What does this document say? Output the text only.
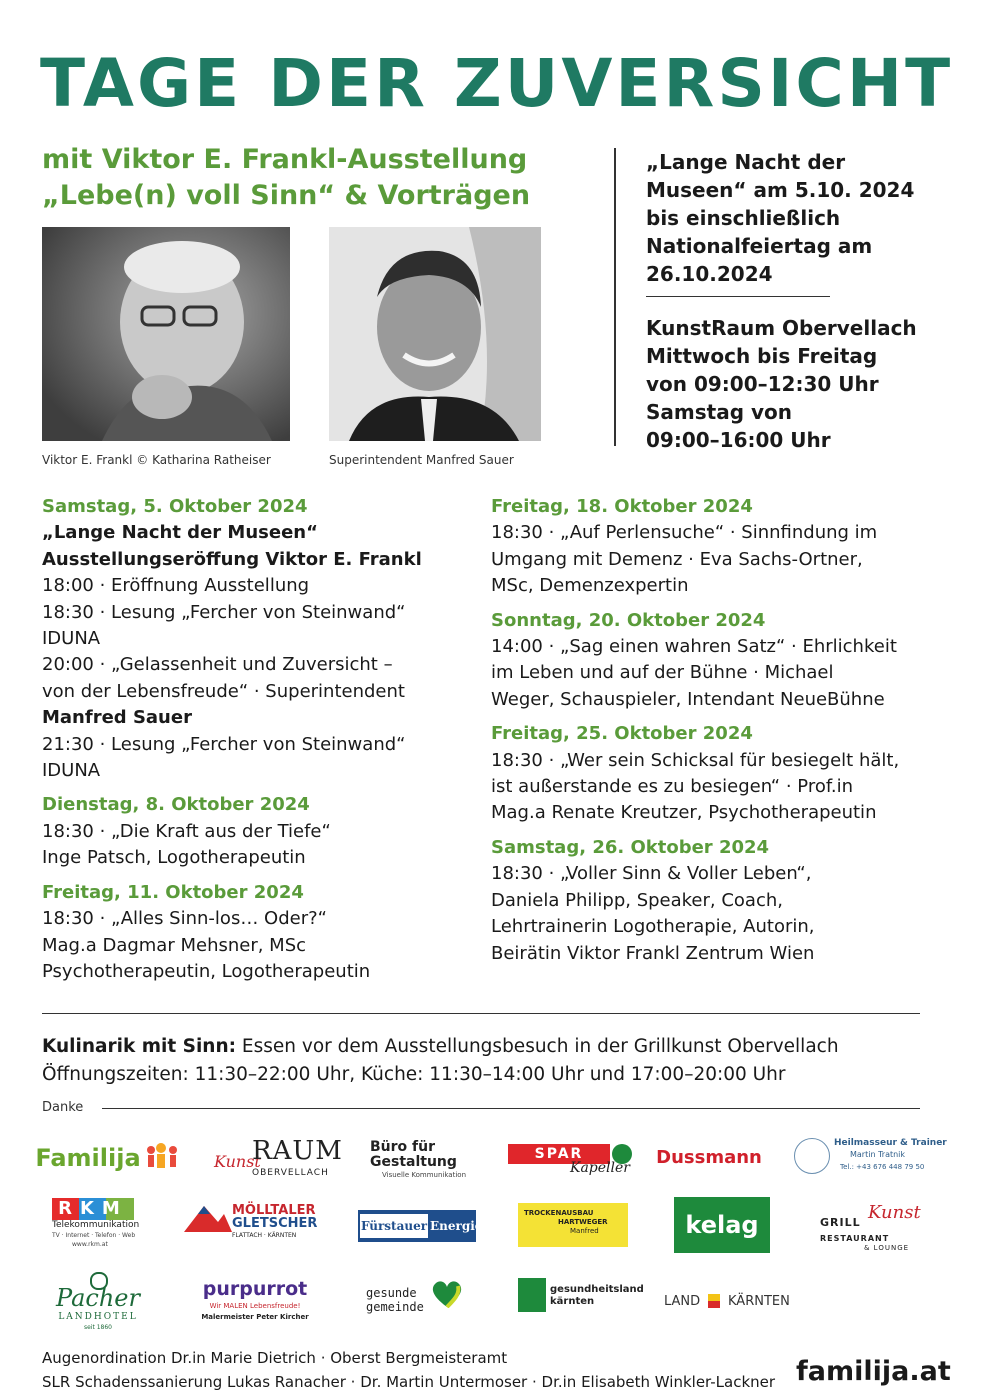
TAGE DER ZUVERSICHT
mit Viktor E. Frankl-Ausstellung
„Lebe(n) voll Sinn“ & Vorträgen
„Lange Nacht der
Museen“ am 5.10. 2024
bis einschließlich
Nationalfeiertag am
26.10.2024
KunstRaum Obervellach
Mittwoch bis Freitag
von 09:00–12:30 Uhr
Samstag von
09:00–16:00 Uhr
Viktor E. Frankl © Katharina Ratheiser	Superintendent Manfred Sauer

Samstag, 5. Oktober 2024

„Lange Nacht der Museen“

Ausstellungseröffung Viktor E. Frankl

18:00 · Eröffnung Ausstellung

18:30 · Lesung „Fercher von Steinwand“

IDUNA

20:00 · „Gelassenheit und Zuversicht –

von der Lebensfreude“ · Superintendent

Manfred Sauer

21:30 · Lesung „Fercher von Steinwand“

IDUNA

Dienstag, 8. Oktober 2024

18:30 · „Die Kraft aus der Tiefe“

Inge Patsch, Logotherapeutin

Freitag, 11. Oktober 2024

18:30 · „Alles Sinn-los… Oder?“

Mag.a Dagmar Mehsner, MSc

Psychotherapeutin, Logotherapeutin

Freitag, 18. Oktober 2024

18:30 · „Auf Perlensuche“ · Sinnfindung im

Umgang mit Demenz · Eva Sachs-Ortner,

MSc, Demenzexpertin

Sonntag, 20. Oktober 2024

14:00 · „Sag einen wahren Satz“ · Ehrlichkeit

im Leben und auf der Bühne · Michael

Weger, Schauspieler, Intendant NeueBühne

Freitag, 25. Oktober 2024

18:30 · „Wer sein Schicksal für besiegelt hält,

ist außerstande es zu besiegen“ · Prof.in

Mag.a Renate Kreutzer, Psychotherapeutin

Samstag, 26. Oktober 2024

18:30 · „Voller Sinn & Voller Leben“,

Daniela Philipp, Speaker, Coach,

Lehrtrainerin Logotherapie, Autorin,

Beirätin Viktor Frankl Zentrum Wien

Kulinarik mit Sinn: Essen vor dem Ausstellungsbesuch in der Grillkunst Obervellach
Öffnungszeiten: 11:30–22:00 Uhr, Küche: 11:30–14:00 Uhr und 17:00–20:00 Uhr
Danke
Familija	Kunst
RAUM
OBERVELLACH
Büro für
Gestaltung
Visuelle Kommunikation
SPAR
Kapeller
Dussmann
Heilmasseur & Trainer
Martin Tratnik
Tel.: +43 676 448 79 50
RKM
Telekommunikation
TV · Internet · Telefon · Web
www.rkm.at
MÖLLTALER
GLETSCHER
FLATTACH · KÄRNTEN
Fürstauer Energie
TROCKENAUSBAU
HARTWEGER
Manfred	kelag	GRILL Kunst
RESTAURANT
& LOUNGE
Pacher
LANDHOTEL
seit 1860
purpurrot
Wir MALEN Lebensfreude!
Malermeister Peter Kircher
gesunde
gemeinde
gesundheitsland
kärnten	LAND KÄRNTEN
Augenordination Dr.in Marie Dietrich · Oberst Bergmeisteramt
SLR Schadenssanierung Lukas Ranacher · Dr. Martin Untermoser · Dr.in Elisabeth Winkler-Lackner familija.at
